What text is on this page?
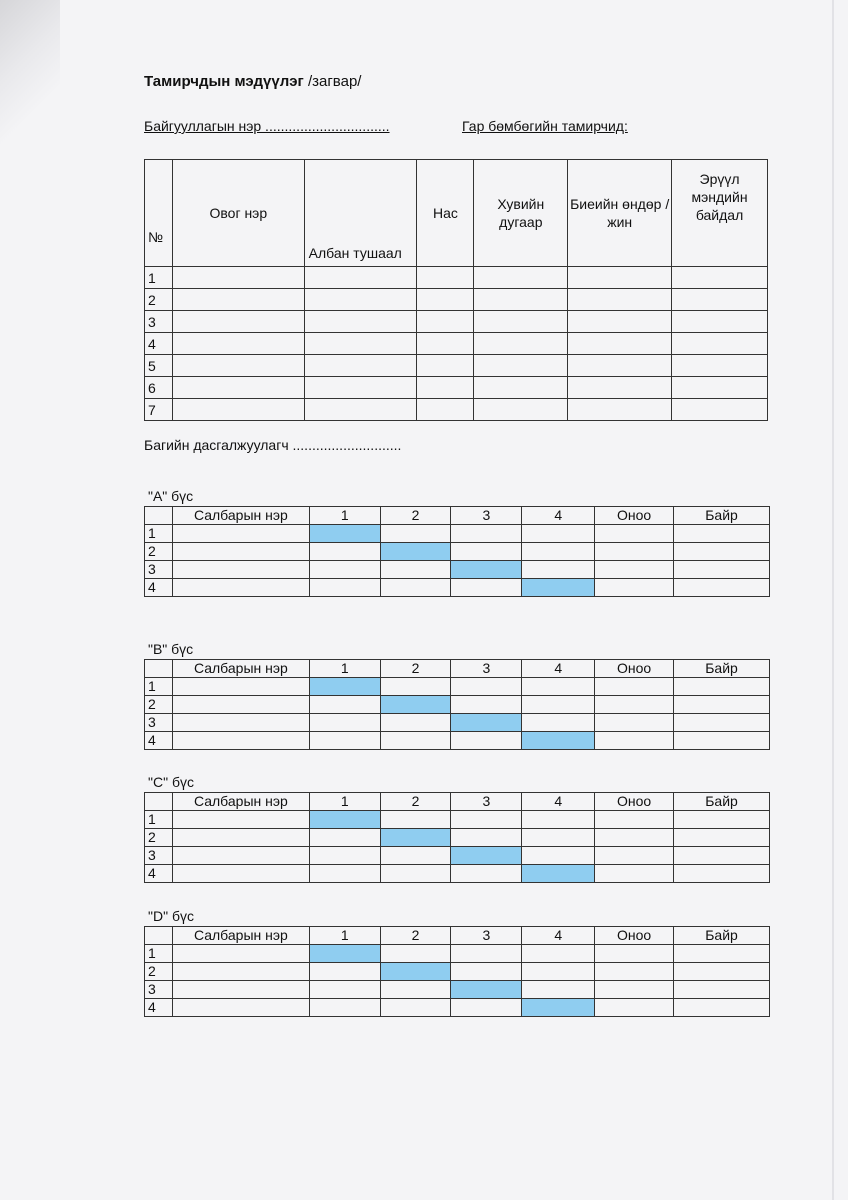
Тамирчдын мэдүүлэг /загвар/
Байгууллагын нэр ................................	Гар бөмбөгийн тамирчид:
№	Овог нэр	Албан тушаал	Нас	Хувийн дугаар	Биеийн өндөр /жин	Эрүүл мэндийн байдал
1						
2						
3						
4						
5						
6						
7						
Багийн дасгалжуулагч ............................
"A" бүс
	Салбарын нэр	1	2	3	4	Оноо	Байр
1							
2							
3							
4							
"B" бүс
	Салбарын нэр	1	2	3	4	Оноо	Байр
1							
2							
3							
4							
"C" бүс
	Салбарын нэр	1	2	3	4	Оноо	Байр
1							
2							
3							
4							
"D" бүс
	Салбарын нэр	1	2	3	4	Оноо	Байр
1							
2							
3							
4							
